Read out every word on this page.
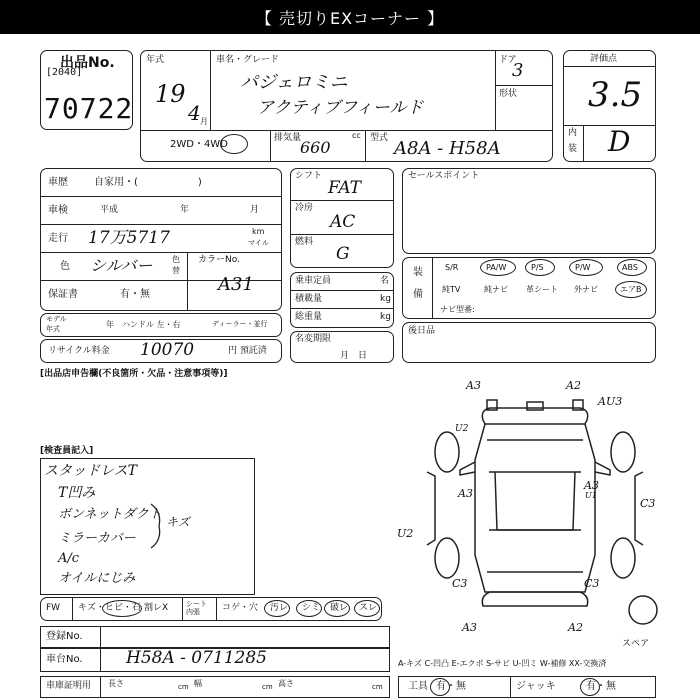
【 売切りEXコーナー 】
出品No.
[2040]
70722
年式
19
4 月
車名・グレード
パジェロミニ
アクティブフィールド
ドア
3
形状
2WD・4WD
排気量	cc
660	型式 A8A - H58A
評価点
3.5
内
装 D
車歴	自家用・(　　　　　　)
車検	平成	年	月
走行 17万5717	km
マイル
色 シルバー 色
替
カラーNo.
A31
保証書	有・無
モデル
年式	年 ハンドル 左・右	ディーラー・並行
リサイクル料金 10070	円 預託済
シフト
FAT
冷房
AC
燃料
G
乗車定員	名
積載量	kg
総重量	kg
名変期限
月　日
セールスポイント
装
備
S/R	PA/W	P/S	P/W	ABS
純TV	純ナビ 革シート 外ナビ	エアB
ナビ型番:
後日品
[出品店申告欄(不良箇所・欠品・注意事項等)]
[検査員記入]
スタッドレスT
T凹み
ボンネットダクト
ミラーカバー
A/c
オイルにじみ
キズ
A3	A2
AU3
U2
A3	U1
A3
C3
U2
C3	C3
A3	A2
スペア
FW キズ・ヒビ・石 割レX	シート 内張	コゲ・穴 汚レ シミ 破レ スレ
登録No.
車台No.	H58A - 0711285	A-キズ C-凹凸 E-エクボ S-サビ U-凹ミ W-補修 XX-交換済
車庫証明用 長さ	cm 幅	cm 高さ	cm	工具 有・無	ジャッキ	有・無
